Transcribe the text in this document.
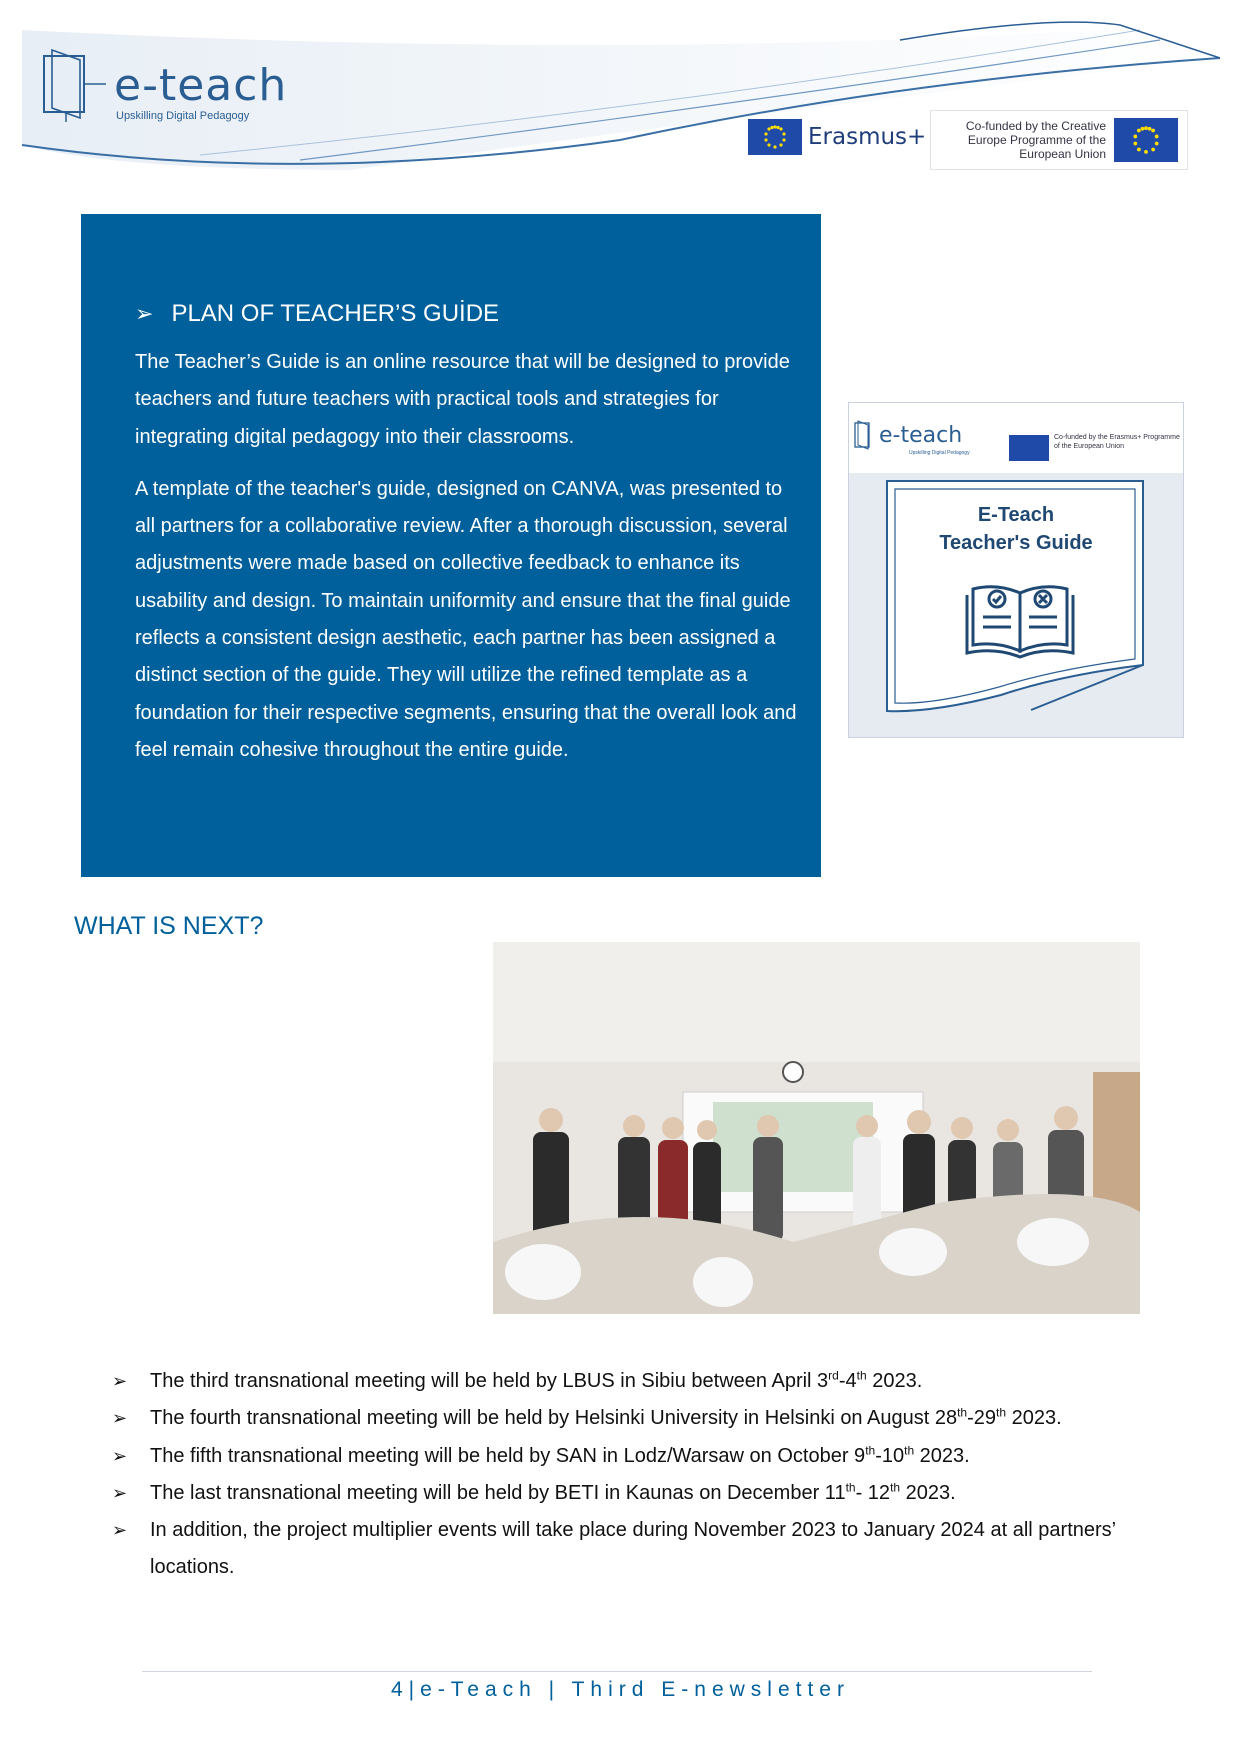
e-teach
Upskilling Digital Pedagogy
Erasmus+	Co-funded by the Creative Europe Programme of the European Union
➢ PLAN OF TEACHER’S GUİDE

The Teacher’s Guide is an online resource that will be designed to provide teachers and future teachers with practical tools and strategies for integrating digital pedagogy into their classrooms.

A template of the teacher's guide, designed on CANVA, was presented to all partners for a collaborative review. After a thorough discussion, several adjustments were made based on collective feedback to enhance its usability and design. To maintain uniformity and ensure that the final guide reflects a consistent design aesthetic, each partner has been assigned a distinct section of the guide. They will utilize the refined template as a foundation for their respective segments, ensuring that the overall look and feel remain cohesive throughout the entire guide.

e-teach
Upskilling Digital Pedagogy
Co-funded by the Erasmus+ Programme of the European Union
E-Teach
Teacher's Guide
WHAT IS NEXT?
➢ The third transnational meeting will be held by LBUS in Sibiu between April 3rd-4th 2023.
➢ The fourth transnational meeting will be held by Helsinki University in Helsinki on August 28th-29th 2023.
➢ The fifth transnational meeting will be held by SAN in Lodz/Warsaw on October 9th-10th 2023.
➢ The last transnational meeting will be held by BETI in Kaunas on December 11th- 12th 2023.
➢ In addition, the project multiplier events will take place during November 2023 to January 2024 at all partners’ locations.
4|e-Teach | Third E-newsletter
